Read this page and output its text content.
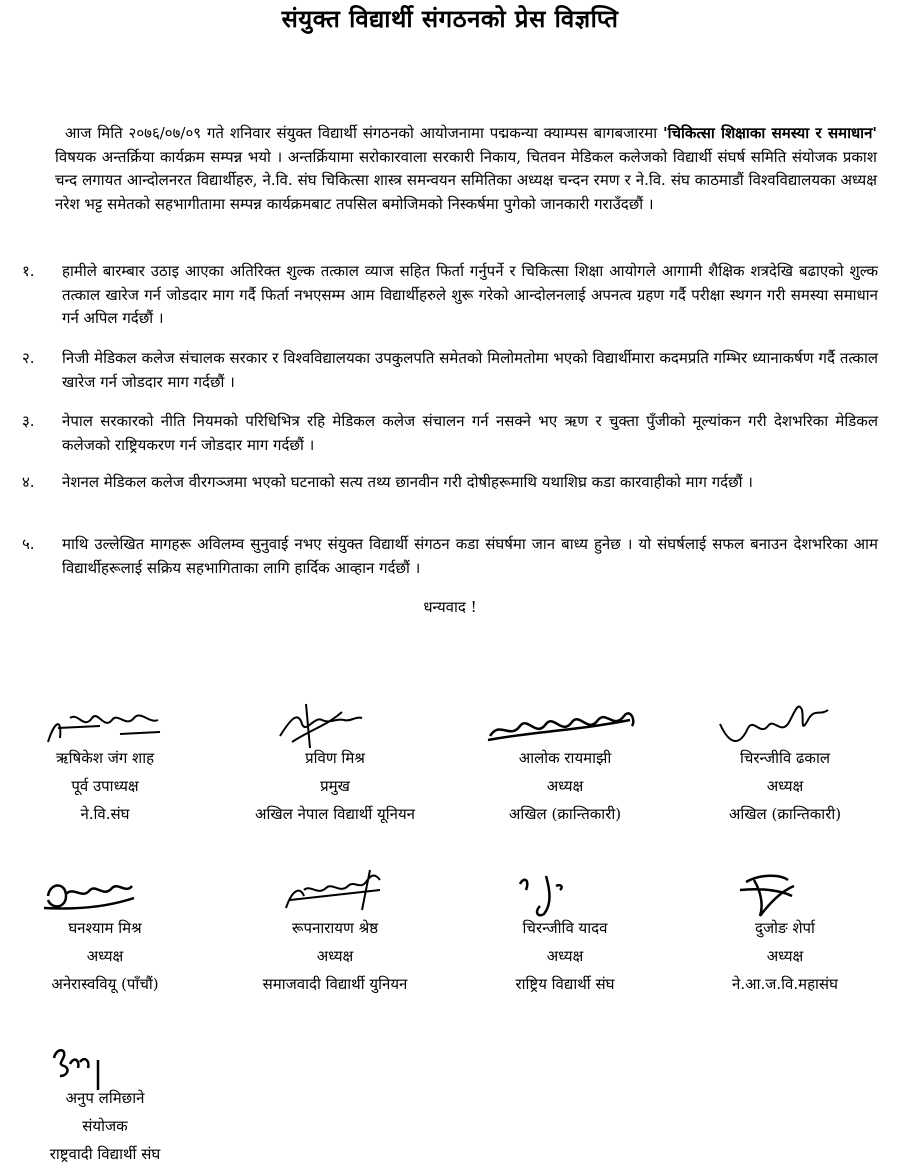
संयुक्त विद्यार्थी संगठनको प्रेस विज्ञप्ति

आज मिति २०७६/०७/०९ गते शनिवार संयुक्त विद्यार्थी संगठनको आयोजनामा पद्मकन्या क्याम्पस बागबजारमा 'चिकित्सा शिक्षाका समस्या र समाधान' विषयक अन्तर्क्रिया कार्यक्रम सम्पन्न भयो । अन्तर्क्रियामा सरोकारवाला सरकारी निकाय, चितवन मेडिकल कलेजको विद्यार्थी संघर्ष समिति संयोजक प्रकाश चन्द लगायत आन्दोलनरत विद्यार्थीहरु, ने.वि. संघ चिकित्सा शास्त्र समन्वयन समितिका अध्यक्ष चन्दन रमण र ने.वि. संघ काठमाडौं विश्वविद्यालयका अध्यक्ष नरेश भट्ट समेतको सहभागीतामा सम्पन्न कार्यक्रमबाट तपसिल बमोजिमको निस्कर्षमा पुगेको जानकारी गराउँदछौं ।

१. हामीले बारम्बार उठाइ आएका अतिरिक्त शुल्क तत्काल व्याज सहित फिर्ता गर्नुपर्ने र चिकित्सा शिक्षा आयोगले आगामी शैक्षिक शत्रदेखि बढाएको शुल्क तत्काल खारेज गर्न जोडदार माग गर्दै फिर्ता नभएसम्म आम विद्यार्थीहरुले शुरू गरेको आन्दोलनलाई अपनत्व ग्रहण गर्दै परीक्षा स्थगन गरी समस्या समाधान गर्न अपिल गर्दछौं ।
२. निजी मेडिकल कलेज संचालक सरकार र विश्वविद्यालयका उपकुलपति समेतको मिलोमतोमा भएको विद्यार्थीमारा कदमप्रति गम्भिर ध्यानाकर्षण गर्दै तत्काल खारेज गर्न जोडदार माग गर्दछौं ।
३. नेपाल सरकारको नीति नियमको परिधिभित्र रहि मेडिकल कलेज संचालन गर्न नसक्ने भए ऋण र चुक्ता पुँजीको मूल्यांकन गरी देशभरिका मेडिकल कलेजको राष्ट्रियकरण गर्न जोडदार माग गर्दछौं ।
४. नेशनल मेडिकल कलेज वीरगञ्जमा भएको घटनाको सत्य तथ्य छानवीन गरी दोषीहरूमाथि यथाशिघ्र कडा कारवाहीको माग गर्दछौं ।
५. माथि उल्लेखित मागहरू अविलम्व सुनुवाई नभए संयुक्त विद्यार्थी संगठन कडा संघर्षमा जान बाध्य हुनेछ । यो संघर्षलाई सफल बनाउन देशभरिका आम विद्यार्थीहरूलाई सक्रिय सहभागिताका लागि हार्दिक आव्हान गर्दछौं ।
धन्यवाद !
ऋषिकेश जंग शाह
पूर्व उपाध्यक्ष
ने.वि.संघ
प्रविण मिश्र
प्रमुख
अखिल नेपाल विद्यार्थी यूनियन
आलोक रायमाझी
अध्यक्ष
अखिल (क्रान्तिकारी)
चिरन्जीवि ढकाल
अध्यक्ष
अखिल (क्रान्तिकारी)
घनश्याम मिश्र
अध्यक्ष
अनेरास्ववियू (पाँचौं)
रूपनारायण श्रेष्ठ
अध्यक्ष
समाजवादी विद्यार्थी युनियन
चिरन्जीवि यादव
अध्यक्ष
राष्ट्रिय विद्यार्थी संघ
दुजोङ शेर्पा
अध्यक्ष
ने.आ.ज.वि.महासंघ
अनुप लमिछाने
संयोजक
राष्ट्रवादी विद्यार्थी संघ
